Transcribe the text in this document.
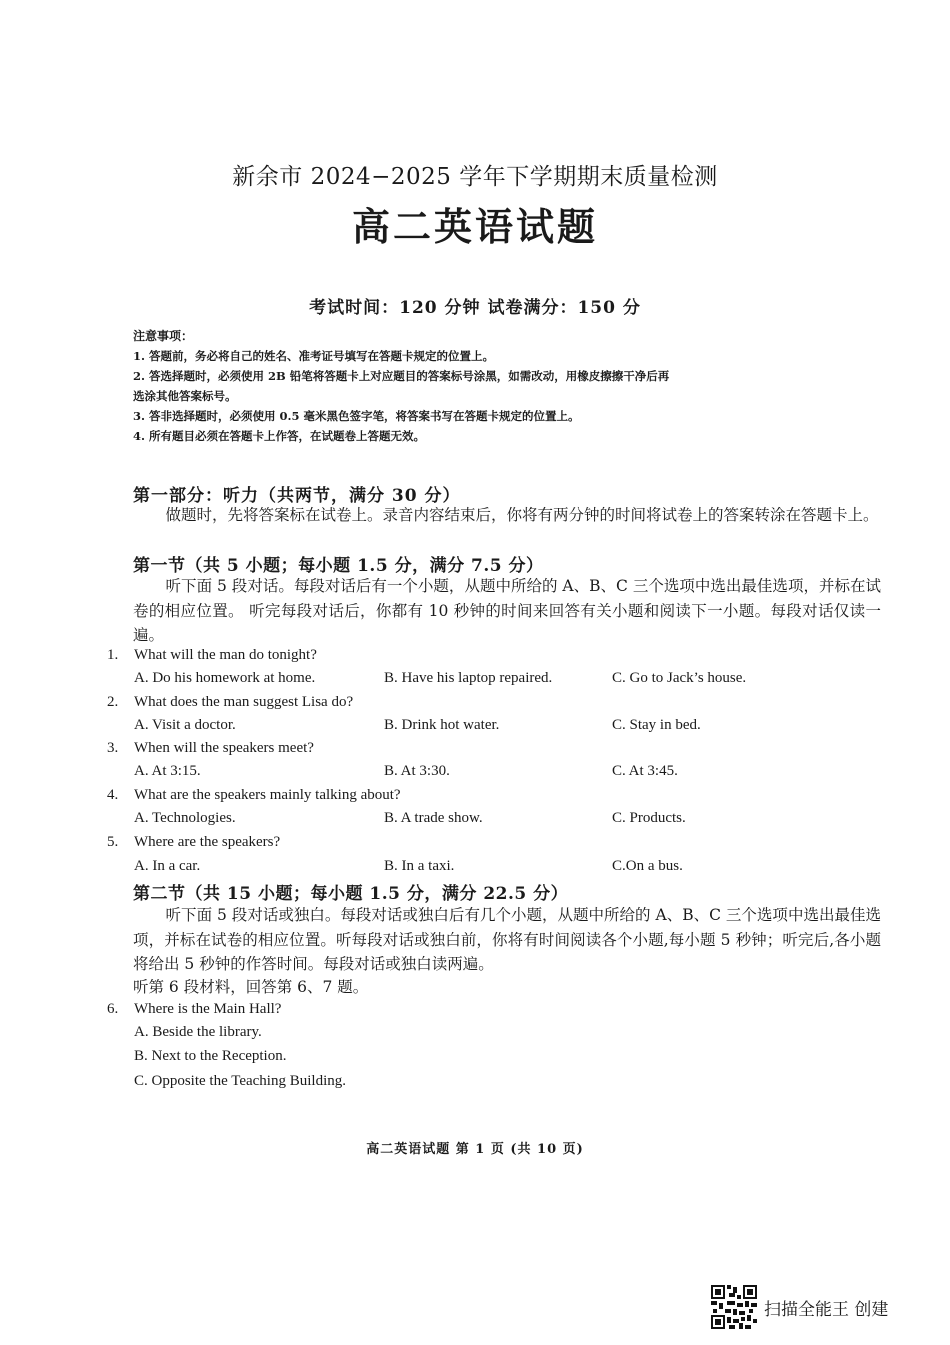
新余市 2024−2025 学年下学期期末质量检测
高二英语试题
考试时间：120 分钟 试卷满分：150 分
注意事项：
1. 答题前，务必将自己的姓名、准考证号填写在答题卡规定的位置上。
2. 答选择题时，必须使用 2B 铅笔将答题卡上对应题目的答案标号涂黑，如需改动，用橡皮擦擦干净后再
选涂其他答案标号。
3. 答非选择题时，必须使用 0.5 毫米黑色签字笔，将答案书写在答题卡规定的位置上。
4. 所有题目必须在答题卡上作答，在试题卷上答题无效。
第一部分：听力（共两节，满分 30 分）
做题时，先将答案标在试卷上。录音内容结束后，你将有两分钟的时间将试卷上的答案转涂在答题卡上。
第一节（共 5 小题；每小题 1.5 分，满分 7.5 分）
听下面 5 段对话。每段对话后有一个小题，从题中所给的 A、B、C 三个选项中选出最佳选项，并标在试卷的相应位置。 听完每段对话后，你都有 10 秒钟的时间来回答有关小题和阅读下一小题。每段对话仅读一遍。
1. What will the man do tonight?
A. Do his homework at home.	B. Have his laptop repaired.	C. Go to Jack’s house.
2. What does the man suggest Lisa do?
A. Visit a doctor.	B. Drink hot water.	C. Stay in bed.
3. When will the speakers meet?
A. At 3:15.	B. At 3:30.	C. At 3:45.
4. What are the speakers mainly talking about?
A. Technologies.	B. A trade show.	C. Products.
5. Where are the speakers?
A. In a car.	B. In a taxi.	C.On a bus.
第二节（共 15 小题；每小题 1.5 分，满分 22.5 分）
听下面 5 段对话或独白。每段对话或独白后有几个小题，从题中所给的 A、B、C 三个选项中选出最佳选项，并标在试卷的相应位置。听每段对话或独白前，你将有时间阅读各个小题,每小题 5 秒钟；听完后,各小题将给出 5 秒钟的作答时间。每段对话或独白读两遍。
听第 6 段材料，回答第 6、7 题。
6. Where is the Main Hall?
A. Beside the library.
B. Next to the Reception.
C. Opposite the Teaching Building.
高二英语试题 第 1 页 (共 10 页)
扫描全能王 创建
